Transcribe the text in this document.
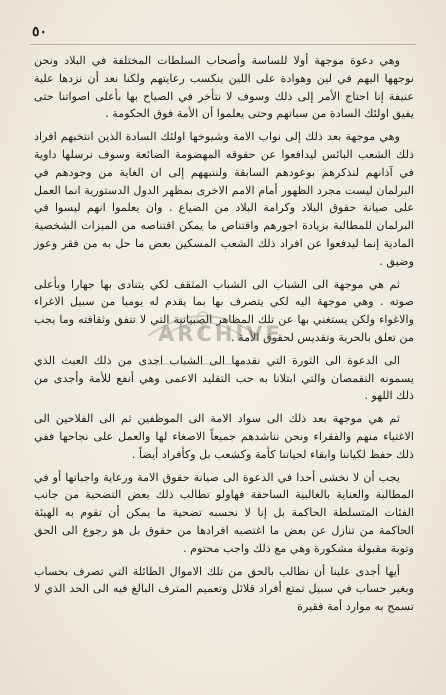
٥٠

وهي دعوة موجهة أولا للساسة وأصحاب السلطات المختلفة في البلاد ونحن نوجهها اليهم في لين وهوادة على اللين ينكسب رعايتهم ولكنا نعد أن نزدها علية عنيفة إنا احتاج الأمر إلى ذلك وسوف لا نتأخر في الصياح بها بأعلى اصواتنا حتى يفيق اولئك السادة من سباتهم وحتى يعلموا أن الأمة فوق الحكومة .

وهي موجهة بعد ذلك إلى نواب الامة وشيوخها اولئك السادة الذين انتخبهم افراد ذلك الشعب البائس ليدافعوا عن حقوقه المهضومة الضائعة وسوف نرسلها داوية في آذانهم لنذكرهم بوعودهم السابقة ولننبههم إلى ان الغاية من وجودهم في البرلمان ليست مجرد الظهور أمام الامم الاخرى بمظهر الدول الدستورية انما العمل على صيانة حقوق البلاد وكرامة البلاد من الضياع . وان يعلموا انهم ليسوا في البرلمان للمطالبة بزيادة اجورهم واقتناص ما يمكن اقتناصه من الميزات الشخصية المادية إنما ليدفعوا عن افراد ذلك الشعب المسكين بعض ما حل به من فقر وعوز وضيق .

ثم هي موجهة الى الشباب الى الشباب المثقف لكي يتنادى بها جهارا وبأعلى صوته . وهي موجهة اليه لكي يتصرف بها بما يقدم له يوميا من سبيل الاغراء والاغواء ولكن يستغني بها عن تلك المظاهر الصبيانية التي لا تتفق وثقافته وما يجب من تعلق بالحرية وتقديس لحقوق الأمة .

الى الدعوة الى الثورة التي نقدمها الى الشباب اجدى من ذلك العبث الذي يسمونه التقمصان والتي ابتلانا به حب التقليد الاعمى وهي أنفع للأمة وأجدى من ذلك اللهو .

ثم هي موجهة بعد ذلك الى سواد الامة الى الموظفين ثم الى الفلاحين الى الاغنياء منهم والفقراء ونحن نناشدهم جميعاً الاصغاء لها والعمل على نجاحها ففي ذلك حفظ لكياننا وابقاء لحياتنا كأمة وكشعب بل وكأفراد أيضاً .

يجب أن لا نخشى أحدا في الدعوة الى صيانة حقوق الامة ورعاية واجباتها أو في المطالبة والعناية بالغالبية الساحقة فهاولو تطالب ذلك بعض التضحية من جانب الفئات المتسلطة الحاكمة بل إنا لا نحسبه تضحية ما يمكن أن تقوم به الهيئة الحاكمة من تنازل عن بعض ما اغتصبه افرادها من حقوق بل هو رجوع الى الحق وتوبة مقبولة مشكورة وهي مع ذلك واجب محتوم .

أيها أجدى علينا أن نطالب بالحق من تلك الاموال الطائلة التي تصرف بحساب وبغير حساب في سبيل تمتع أفراد قلائل وتعميم المترف البالغ فيه الى الحد الذي لا تسمح به موارد أمة فقيرة

ARCHIVE
